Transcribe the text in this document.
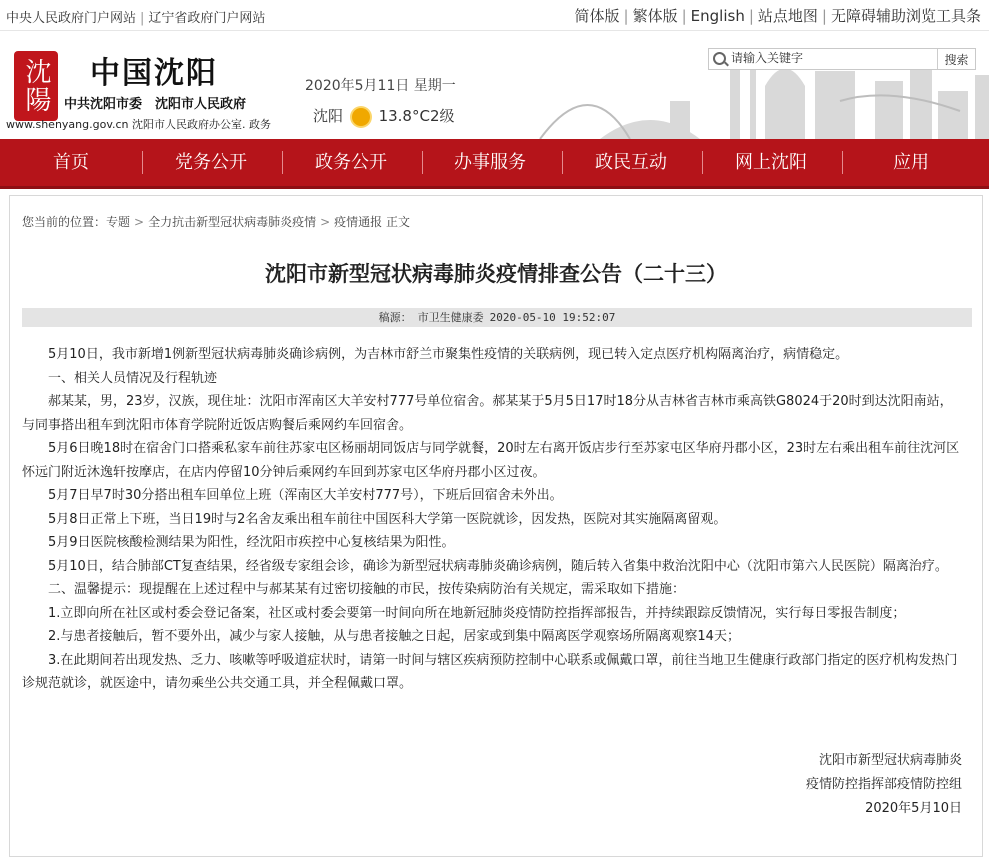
中央人民政府门户网站 | 辽宁省政府门户网站	简体版 | 繁体版 | English | 站点地图 | 无障碍辅助浏览工具条
沈陽 中国沈阳
中共沈阳市委　沈阳市人民政府
www.shenyang.gov.cn 沈阳市人民政府办公室. 政务
2020年5月11日 星期一
沈阳 13.8°C2级
请输入关键字
搜索
首页	党务公开	政务公开	办事服务	政民互动	网上沈阳	应用
您当前的位置：专题 > 全力抗击新型冠状病毒肺炎疫情 > 疫情通报 正文
沈阳市新型冠状病毒肺炎疫情排查公告（二十三）
稿源： 市卫生健康委 2020-05-10 19:52:07

5月10日，我市新增1例新型冠状病毒肺炎确诊病例，为吉林市舒兰市聚集性疫情的关联病例，现已转入定点医疗机构隔离治疗，病情稳定。

一、相关人员情况及行程轨迹

郝某某，男，23岁，汉族，现住址：沈阳市浑南区大羊安村777号单位宿舍。郝某某于5月5日17时18分从吉林省吉林市乘高铁G8024于20时到达沈阳南站，与同事搭出租车到沈阳市体育学院附近饭店购餐后乘网约车回宿舍。

5月6日晚18时在宿舍门口搭乘私家车前往苏家屯区杨丽胡同饭店与同学就餐，20时左右离开饭店步行至苏家屯区华府丹郡小区，23时左右乘出租车前往沈河区怀远门附近沐逸轩按摩店，在店内停留10分钟后乘网约车回到苏家屯区华府丹郡小区过夜。

5月7日早7时30分搭出租车回单位上班（浑南区大羊安村777号），下班后回宿舍未外出。

5月8日正常上下班，当日19时与2名舍友乘出租车前往中国医科大学第一医院就诊，因发热，医院对其实施隔离留观。

5月9日医院核酸检测结果为阳性，经沈阳市疾控中心复核结果为阳性。

5月10日，结合肺部CT复查结果，经省级专家组会诊，确诊为新型冠状病毒肺炎确诊病例，随后转入省集中救治沈阳中心（沈阳市第六人民医院）隔离治疗。

二、温馨提示：现提醒在上述过程中与郝某某有过密切接触的市民，按传染病防治有关规定，需采取如下措施：

1.立即向所在社区或村委会登记备案，社区或村委会要第一时间向所在地新冠肺炎疫情防控指挥部报告，并持续跟踪反馈情况，实行每日零报告制度；

2.与患者接触后，暂不要外出，减少与家人接触，从与患者接触之日起，居家或到集中隔离医学观察场所隔离观察14天；

3.在此期间若出现发热、乏力、咳嗽等呼吸道症状时，请第一时间与辖区疾病预防控制中心联系或佩戴口罩，前往当地卫生健康行政部门指定的医疗机构发热门诊规范就诊，就医途中，请勿乘坐公共交通工具，并全程佩戴口罩。

沈阳市新型冠状病毒肺炎
疫情防控指挥部疫情防控组
2020年5月10日
